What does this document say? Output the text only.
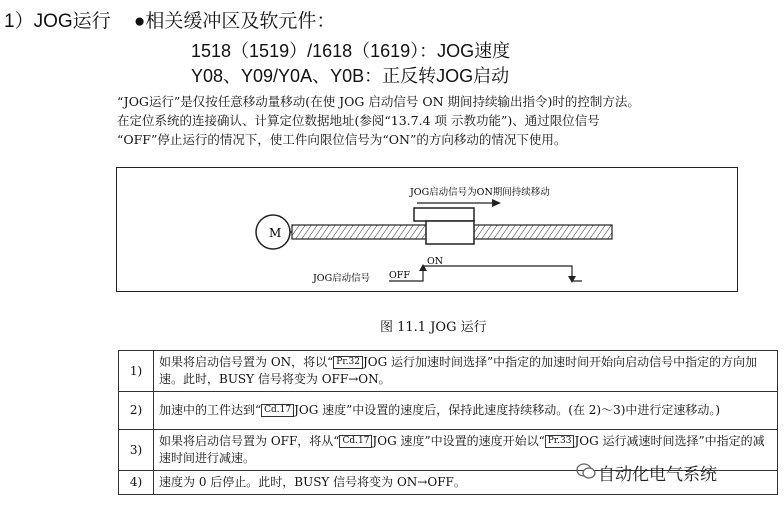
1）JOG运行 ●相关缓冲区及软元件：
1518（1519）/1618（1619）：JOG速度
Y08、Y09/Y0A、Y0B：正反转JOG启动
“JOG运行”是仅按任意移动量移动(在使 JOG 启动信号 ON 期间持续输出指令)时的控制方法。
在定位系统的连接确认、计算定位数据地址(参阅“13.7.4 项 示教功能”)、通过限位信号
“OFF”停止运行的情况下，使工件向限位信号为“ON”的方向移动的情况下使用。
M
JOG启动信号为ON期间持续移动
JOG启动信号 OFF
ON
图 11.1 JOG 运行
1)	如果将启动信号置为 ON，将以“ Pr.32 JOG 运行加速时间选择”中指定的加速时间开始向启动信号中指定的方向加速。此时，BUSY 信号将变为 OFF→ON。
2)	加速中的工件达到“ Cd.17 JOG 速度”中设置的速度后，保持此速度持续移动。(在 2)～3)中进行定速移动。)
3)	如果将启动信号置为 OFF，将从“ Cd.17 JOG 速度”中设置的速度开始以“ Pr.33 JOG 运行减速时间选择”中指定的减速时间进行减速。
4)	速度为 0 后停止。此时，BUSY 信号将变为 ON→OFF。	自动化电气系统
